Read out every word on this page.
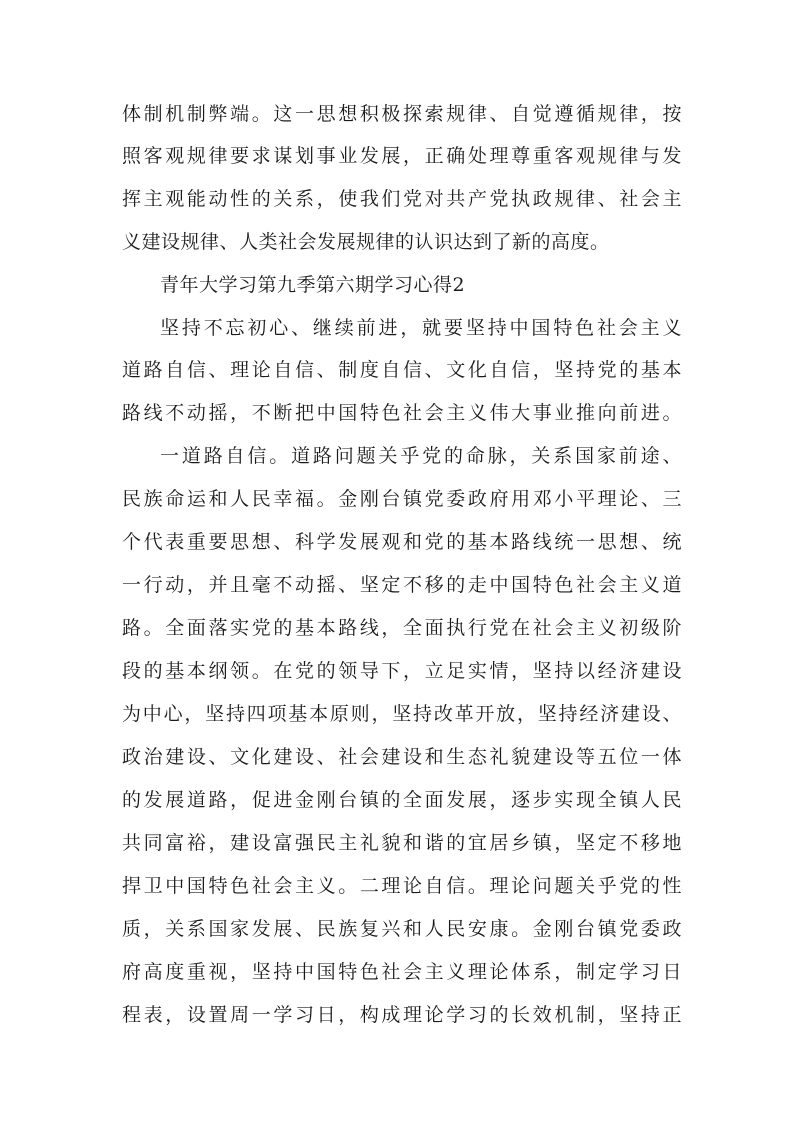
体制机制弊端。这一思想积极探索规律、自觉遵循规律，按
照客观规律要求谋划事业发展，正确处理尊重客观规律与发
挥主观能动性的关系，使我们党对共产党执政规律、社会主
义建设规律、人类社会发展规律的认识达到了新的高度。
青年大学习第九季第六期学习心得2
坚持不忘初心、继续前进，就要坚持中国特色社会主义
道路自信、理论自信、制度自信、文化自信，坚持党的基本
路线不动摇，不断把中国特色社会主义伟大事业推向前进。
一道路自信。道路问题关乎党的命脉，关系国家前途、
民族命运和人民幸福。金刚台镇党委政府用邓小平理论、三
个代表重要思想、科学发展观和党的基本路线统一思想、统
一行动，并且毫不动摇、坚定不移的走中国特色社会主义道
路。全面落实党的基本路线，全面执行党在社会主义初级阶
段的基本纲领。在党的领导下，立足实情，坚持以经济建设
为中心，坚持四项基本原则，坚持改革开放，坚持经济建设、
政治建设、文化建设、社会建设和生态礼貌建设等五位一体
的发展道路，促进金刚台镇的全面发展，逐步实现全镇人民
共同富裕，建设富强民主礼貌和谐的宜居乡镇，坚定不移地
捍卫中国特色社会主义。二理论自信。理论问题关乎党的性
质，关系国家发展、民族复兴和人民安康。金刚台镇党委政
府高度重视，坚持中国特色社会主义理论体系，制定学习日
程表，设置周一学习日，构成理论学习的长效机制，坚持正
